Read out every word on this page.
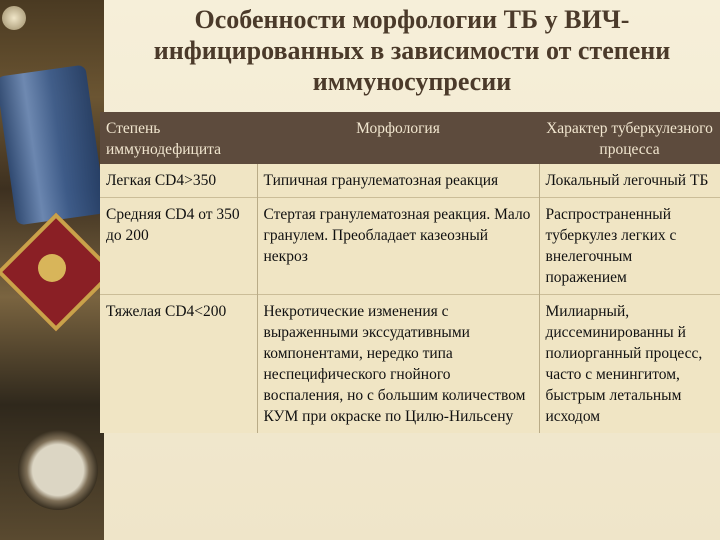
Особенности морфологии ТБ у ВИЧ-
инфицированных в зависимости от степени
иммуносупресии
Степень иммунодефицита	Морфология	Характер туберкулезного процесса
Легкая CD4>350	Типичная гранулематозная реакция	Локальный легочный ТБ
Средняя CD4 от 350 до 200	Стертая гранулематозная реакция. Мало гранулем. Преобладает казеозный некроз	Распространенный туберкулез легких с внелегочным поражением
Тяжелая CD4<200	Некротические изменения с выраженными экссудативными компонентами, нередко типа неспецифического гнойного воспаления, но с большим количеством КУМ при окраске по Цилю-Нильсену	Милиарный, диссеминированны й полиорганный процесс, часто с менингитом, быстрым летальным исходом
